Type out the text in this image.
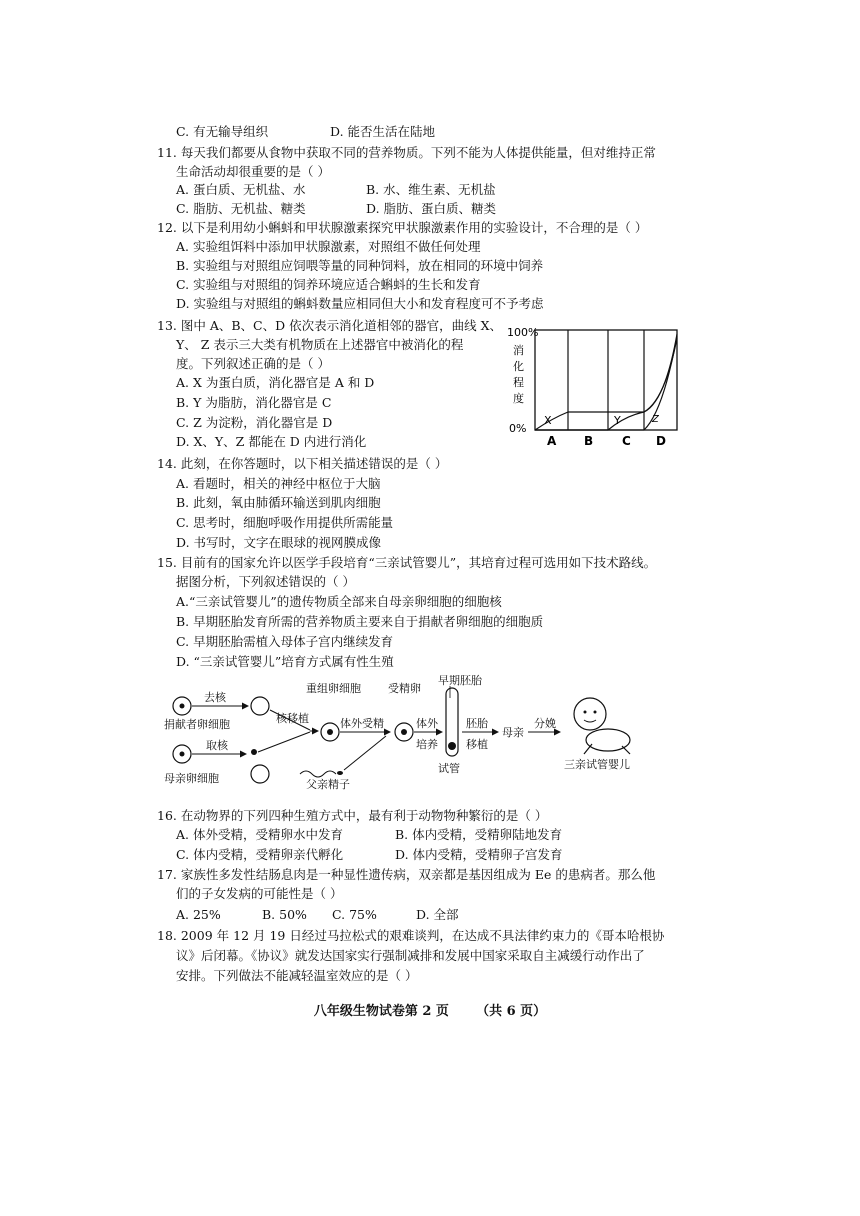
C. 有无输导组织	D. 能否生活在陆地
11. 每天我们都要从食物中获取不同的营养物质。下列不能为人体提供能量，但对维持正常
生命活动却很重要的是（ ）
A. 蛋白质、无机盐、水	B. 水、维生素、无机盐
C. 脂肪、无机盐、糖类	D. 脂肪、蛋白质、糖类
12. 以下是利用幼小蝌蚪和甲状腺激素探究甲状腺激素作用的实验设计，不合理的是（ ）
A. 实验组饵料中添加甲状腺激素，对照组不做任何处理
B. 实验组与对照组应饲喂等量的同种饲料，放在相同的环境中饲养
C. 实验组与对照组的饲养环境应适合蝌蚪的生长和发育
D. 实验组与对照组的蝌蚪数量应相同但大小和发育程度可不予考虑
13. 图中 A、B、C、D 依次表示消化道相邻的器官，曲线 X、
Y、 Z 表示三大类有机物质在上述器官中被消化的程
度。下列叙述正确的是（ ）
A. X 为蛋白质，消化器官是 A 和 D
B. Y 为脂肪，消化器官是 C
C. Z 为淀粉，消化器官是 D
D. X、Y、Z 都能在 D 内进行消化
100%
消
化
程
度
0%
X	Y	Z
A B C D
14. 此刻，在你答题时，以下相关描述错误的是（ ）
A. 看题时，相关的神经中枢位于大脑
B. 此刻，氧由肺循环输送到肌肉细胞
C. 思考时，细胞呼吸作用提供所需能量
D. 书写时，文字在眼球的视网膜成像
15. 目前有的国家允许以医学手段培育“三亲试管婴儿”，其培育过程可选用如下技术路线。
据图分析，下列叙述错误的（ ）
A.“三亲试管婴儿”的遗传物质全部来自母亲卵细胞的细胞核
B. 早期胚胎发育所需的营养物质主要来自于捐献者卵细胞的细胞质
C. 早期胚胎需植入母体子宫内继续发育
D. “三亲试管婴儿”培育方式属有性生殖
去核
捐献者卵细胞
取核
母亲卵细胞
核移植
重组卵细胞
体外受精
父亲精子
受精卵
体外
培养
早期胚胎
试管
胚胎
移植
母亲
分娩
三亲试管婴儿
16. 在动物界的下列四种生殖方式中，最有利于动物物种繁衍的是（ ）
A. 体外受精，受精卵水中发育	B. 体内受精，受精卵陆地发育
C. 体内受精，受精卵亲代孵化	D. 体内受精，受精卵子宫发育
17. 家族性多发性结肠息肉是一种显性遗传病，双亲都是基因组成为 Ee 的患病者。那么他
们的子女发病的可能性是（ ）
A. 25%	B. 50% C. 75%	D. 全部
18. 2009 年 12 月 19 日经过马拉松式的艰难谈判，在达成不具法律约束力的《哥本哈根协
议》后闭幕。《协议》就发达国家实行强制减排和发展中国家采取自主减缓行动作出了
安排。下列做法不能减轻温室效应的是（ ）
八年级生物试卷第 2 页 （共 6 页）
